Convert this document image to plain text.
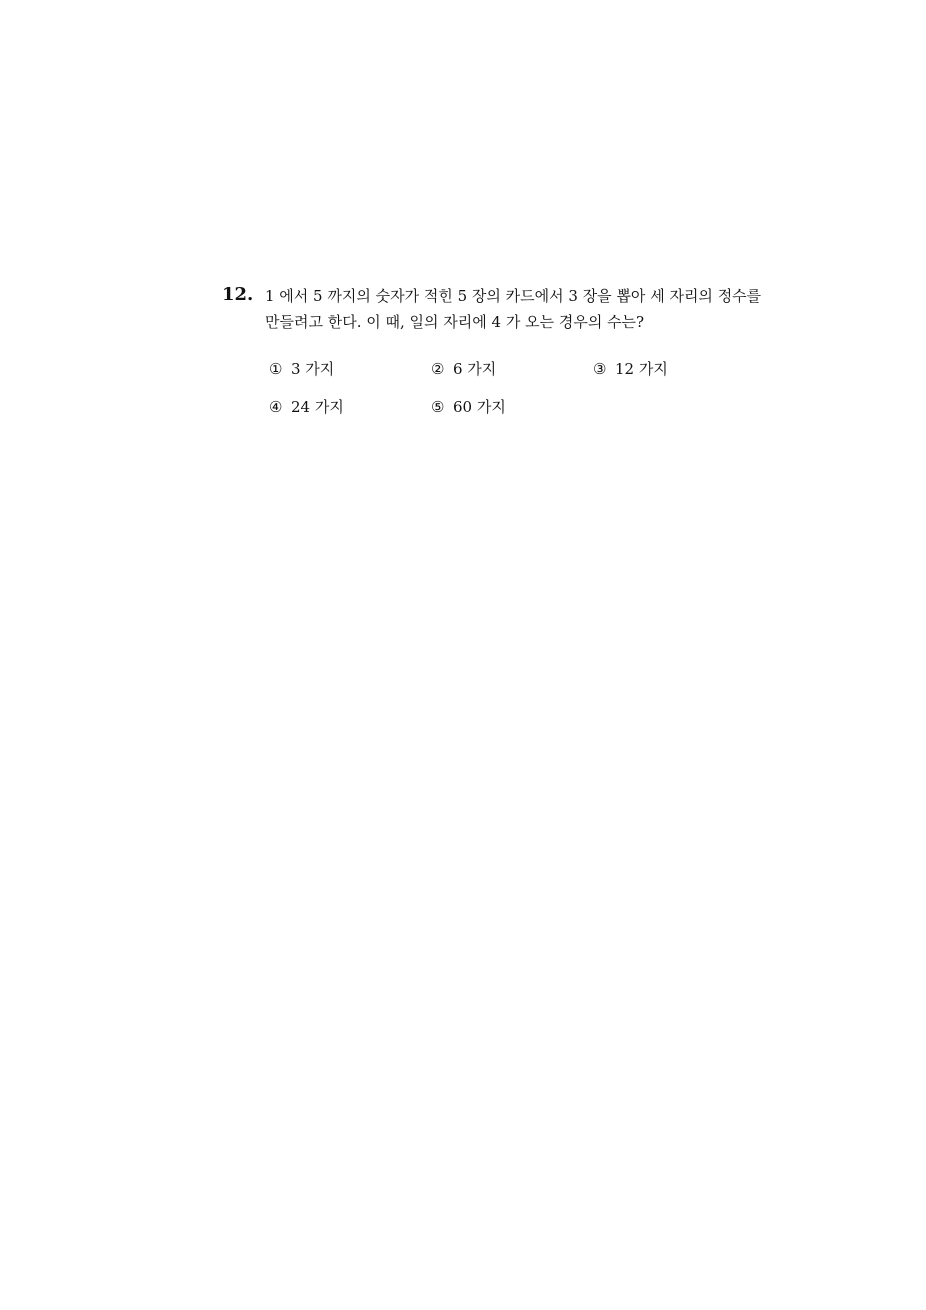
12. 1 에서 5 까지의 숫자가 적힌 5 장의 카드에서 3 장을 뽑아 세 자리의 정수를
만들려고 한다. 이 때, 일의 자리에 4 가 오는 경우의 수는?
① 3 가지	② 6 가지	③ 12 가지
④ 24 가지	⑤ 60 가지
